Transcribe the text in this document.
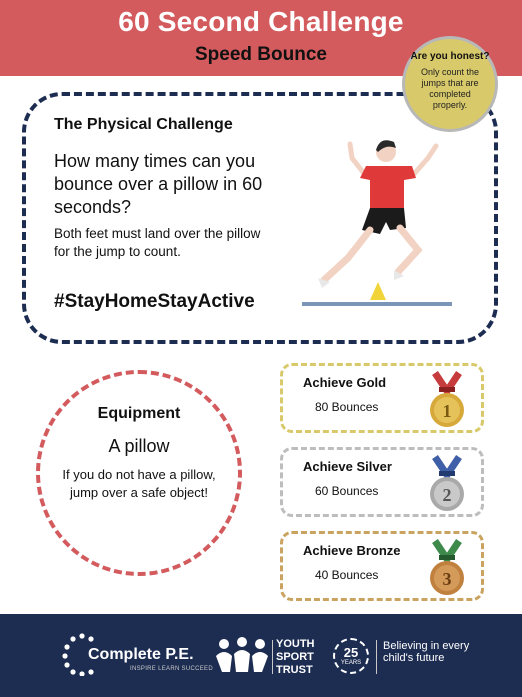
60 Second Challenge
Speed Bounce
The Physical Challenge
How many times can you bounce over a pillow in 60 seconds?
Both feet must land over the pillow for the jump to count.
#StayHomeStayActive
Are you honest?
Only count the jumps that are completed properly.
Equipment
A pillow
If you do not have a pillow, jump over a safe object!
Achieve Gold
80 Bounces	1
Achieve Silver
60 Bounces	2
Achieve Bronze
40 Bounces	3
Complete P.E.
INSPIRE LEARN SUCCEED
YOUTH SPORT TRUST
25
YEARS
Believing in every child's future
